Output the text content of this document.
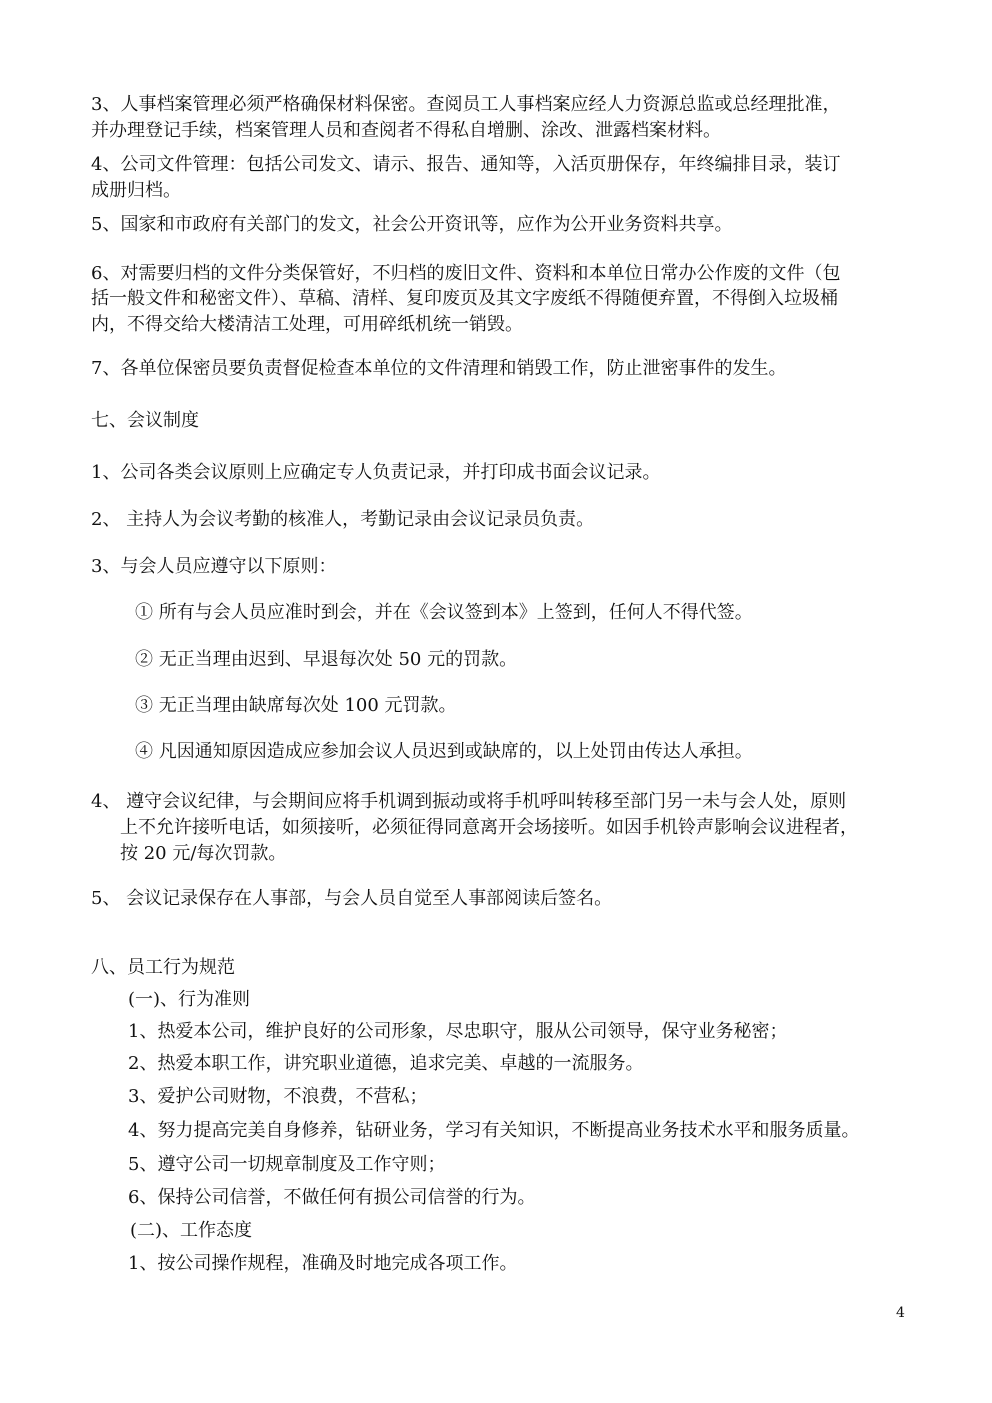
3、人事档案管理必须严格确保材料保密。查阅员工人事档案应经人力资源总监或总经理批准，
并办理登记手续，档案管理人员和查阅者不得私自增删、涂改、泄露档案材料。
4、公司文件管理：包括公司发文、请示、报告、通知等，入活页册保存，年终编排目录，装订
成册归档。
5、国家和市政府有关部门的发文，社会公开资讯等，应作为公开业务资料共享。
6、对需要归档的文件分类保管好，不归档的废旧文件、资料和本单位日常办公作废的文件（包
括一般文件和秘密文件）、草稿、清样、复印废页及其文字废纸不得随便弃置，不得倒入垃圾桶
内，不得交给大楼清洁工处理，可用碎纸机统一销毁。
7、各单位保密员要负责督促检查本单位的文件清理和销毁工作，防止泄密事件的发生。
七、会议制度
1、公司各类会议原则上应确定专人负责记录，并打印成书面会议记录。
2、 主持人为会议考勤的核准人，考勤记录由会议记录员负责。
3、与会人员应遵守以下原则：
① 所有与会人员应准时到会，并在《会议签到本》上签到，任何人不得代签。
② 无正当理由迟到、早退每次处 50 元的罚款。
③ 无正当理由缺席每次处 100 元罚款。
④ 凡因通知原因造成应参加会议人员迟到或缺席的，以上处罚由传达人承担。
4、 遵守会议纪律，与会期间应将手机调到振动或将手机呼叫转移至部门另一未与会人处，原则
上不允许接听电话，如须接听，必须征得同意离开会场接听。如因手机铃声影响会议进程者，
按 20 元/每次罚款。
5、 会议记录保存在人事部，与会人员自觉至人事部阅读后签名。
八、员工行为规范
(一)、行为准则
1、热爱本公司，维护良好的公司形象，尽忠职守，服从公司领导，保守业务秘密；
2、热爱本职工作，讲究职业道德，追求完美、卓越的一流服务。
3、爱护公司财物，不浪费，不营私；
4、努力提高完美自身修养，钻研业务，学习有关知识，不断提高业务技术水平和服务质量。
5、遵守公司一切规章制度及工作守则；
6、保持公司信誉，不做任何有损公司信誉的行为。
(二)、工作态度
1、按公司操作规程，准确及时地完成各项工作。
4
